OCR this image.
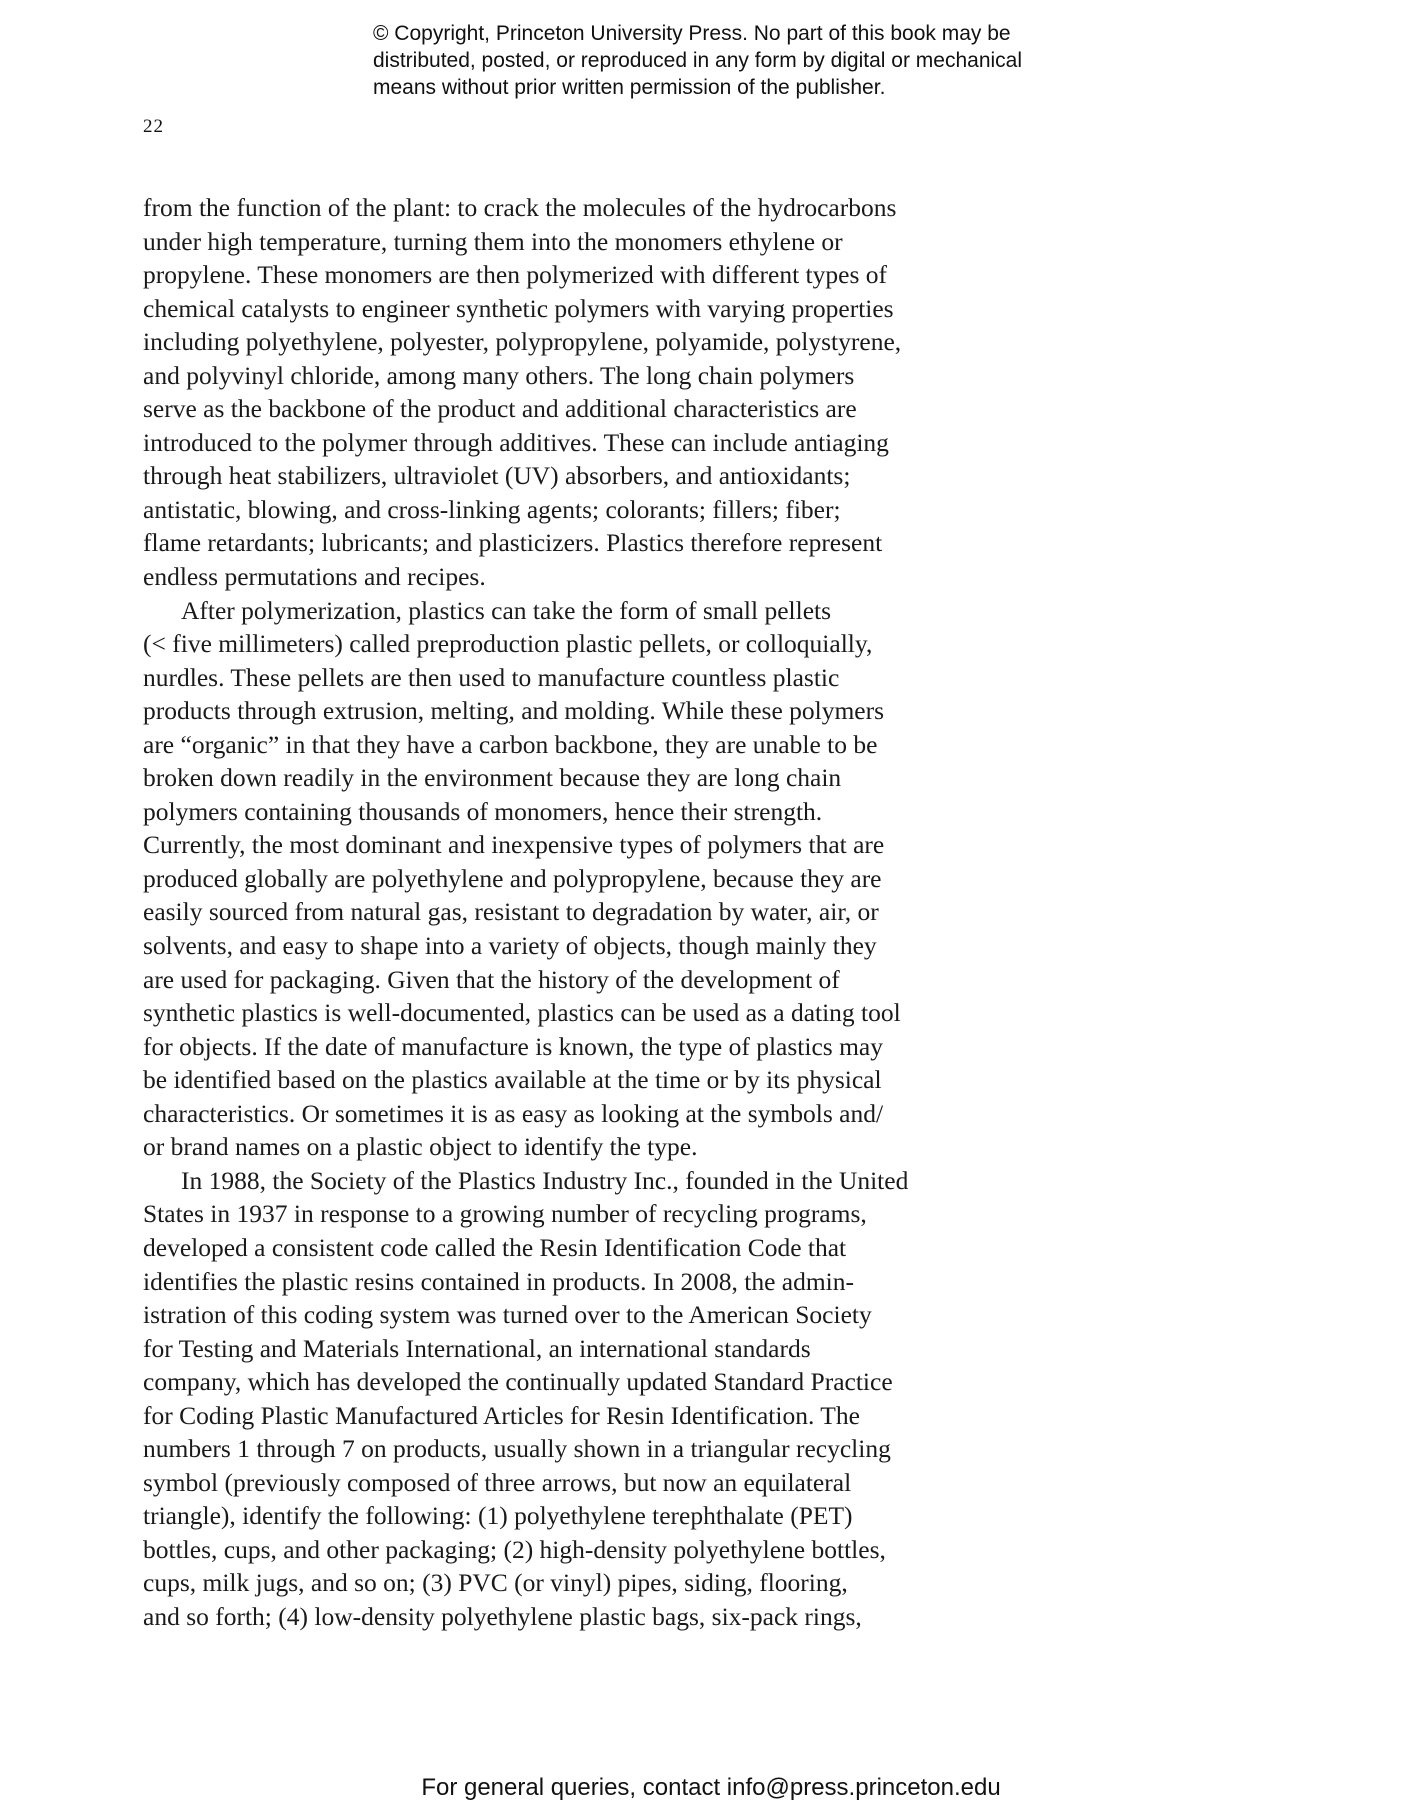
© Copyright, Princeton University Press. No part of this book may be
distributed, posted, or reproduced in any form by digital or mechanical
means without prior written permission of the publisher.
22
from the function of the plant: to crack the molecules of the hydrocarbons
under high temperature, turning them into the monomers ethylene or
propylene. These monomers are then polymerized with different types of
chemical catalysts to engineer synthetic polymers with varying properties
including polyethylene, polyester, polypropylene, polyamide, polystyrene,
and polyvinyl chloride, among many others. The long chain polymers
serve as the backbone of the product and additional characteristics are
introduced to the polymer through additives. These can include antiaging
through heat stabilizers, ultraviolet (UV) absorbers, and antioxidants;
antistatic, blowing, and cross-linking agents; colorants; fillers; fiber;
flame retardants; lubricants; and plasticizers. Plastics therefore represent
endless permutations and recipes.
After polymerization, plastics can take the form of small pellets
(< five millimeters) called preproduction plastic pellets, or colloquially,
nurdles. These pellets are then used to manufacture countless plastic
products through extrusion, melting, and molding. While these polymers
are “organic” in that they have a carbon backbone, they are unable to be
broken down readily in the environment because they are long chain
polymers containing thousands of monomers, hence their strength.
Currently, the most dominant and inexpensive types of polymers that are
produced globally are polyethylene and polypropylene, because they are
easily sourced from natural gas, resistant to degradation by water, air, or
solvents, and easy to shape into a variety of objects, though mainly they
are used for packaging. Given that the history of the development of
synthetic plastics is well-documented, plastics can be used as a dating tool
for objects. If the date of manufacture is known, the type of plastics may
be identified based on the plastics available at the time or by its physical
characteristics. Or sometimes it is as easy as looking at the symbols and/
or brand names on a plastic object to identify the type.
In 1988, the Society of the Plastics Industry Inc., founded in the United
States in 1937 in response to a growing number of recycling programs,
developed a consistent code called the Resin Identification Code that
identifies the plastic resins contained in products. In 2008, the admin-
istration of this coding system was turned over to the American Society
for Testing and Materials International, an international standards
company, which has developed the continually updated Standard Practice
for Coding Plastic Manufactured Articles for Resin Identification. The
numbers 1 through 7 on products, usually shown in a triangular recycling
symbol (previously composed of three arrows, but now an equilateral
triangle), identify the following: (1) polyethylene terephthalate (PET)
bottles, cups, and other packaging; (2) high-density polyethylene bottles,
cups, milk jugs, and so on; (3) PVC (or vinyl) pipes, siding, flooring,
and so forth; (4) low-density polyethylene plastic bags, six-pack rings,
For general queries, contact info@press.princeton.edu
